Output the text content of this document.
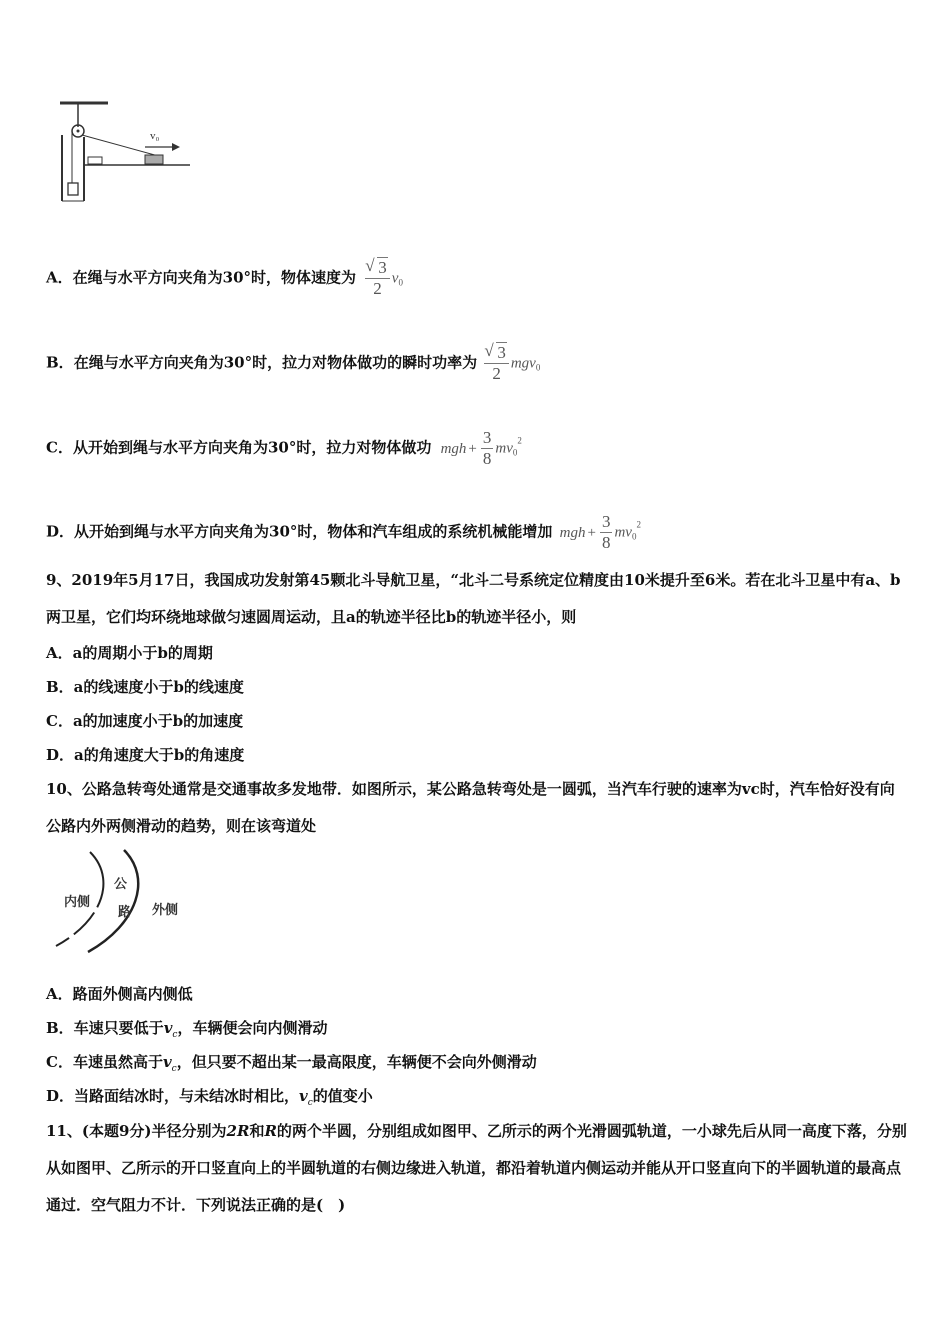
v₀
A．在绳与水平方向夹角为30°时，物体速度为 √ $\frac{3}{2} v_0$
B．在绳与水平方向夹角为30°时，拉力对物体做功的瞬时功率为 √ $\frac{3}{2} mgv_0$
C．从开始到绳与水平方向夹角为30°时，拉力对物体做功 mgh + $\frac{3}{8} mv_0^2$
D．从开始到绳与水平方向夹角为30°时，物体和汽车组成的系统机械能增加 mgh + $\frac{3}{8} mv_0^2$
9、2019年5月17日，我国成功发射第45颗北斗导航卫星，“北斗二号系统定位精度由10米提升至6米。若在北斗卫星中有a、b两卫星，它们均环绕地球做匀速圆周运动，且a的轨迹半径比b的轨迹半径小，则
A．a的周期小于b的周期
B．a的线速度小于b的线速度
C．a的加速度小于b的加速度
D．a的角速度大于b的角速度
10、公路急转弯处通常是交通事故多发地带．如图所示，某公路急转弯处是一圆弧，当汽车行驶的速率为vc时，汽车恰好没有向公路内外两侧滑动的趋势，则在该弯道处
内侧
公
路 外侧
A．路面外侧高内侧低
B．车速只要低于$v_c$，车辆便会向内侧滑动
C．车速虽然高于$v_c$，但只要不超出某一最高限度，车辆便不会向外侧滑动
D．当路面结冰时，与未结冰时相比，$v_c$的值变小
11、(本题9分)半径分别为2R和R的两个半圆，分别组成如图甲、乙所示的两个光滑圆弧轨道，一小球先后从同一高度下落，分别从如图甲、乙所示的开口竖直向上的半圆轨道的右侧边缘进入轨道，都沿着轨道内侧运动并能从开口竖直向下的半圆轨道的最高点通过．空气阻力不计．下列说法正确的是(　)
